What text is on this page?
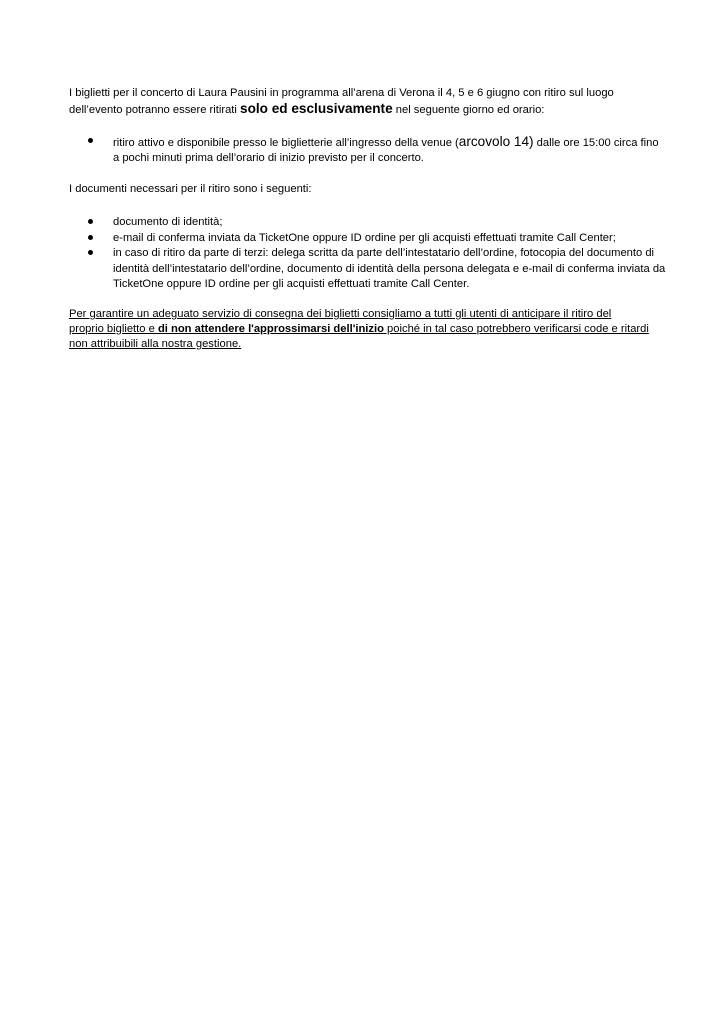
I biglietti per il concerto di Laura Pausini in programma all’arena di Verona il 4, 5 e 6 giugno con ritiro sul luogo dell’evento potranno essere ritirati solo ed esclusivamente nel seguente giorno ed orario:

ritiro attivo e disponibile presso le biglietterie all’ingresso della venue (arcovolo 14) dalle ore 15:00 circa fino a pochi minuti prima dell’orario di inizio previsto per il concerto.

I documenti necessari per il ritiro sono i seguenti:

documento di identità;
e-mail di conferma inviata da TicketOne oppure ID ordine per gli acquisti effettuati tramite Call Center;
in caso di ritiro da parte di terzi: delega scritta da parte dell’intestatario dell’ordine, fotocopia del documento di identità dell’intestatario dell’ordine, documento di identità della persona delegata e e-mail di conferma inviata da TicketOne oppure ID ordine per gli acquisti effettuati tramite Call Center.

Per garantire un adeguato servizio di consegna dei biglietti consigliamo a tutti gli utenti di anticipare il ritiro del proprio biglietto e di non attendere l'approssimarsi dell'inizio poiché in tal caso potrebbero verificarsi code e ritardi non attribuibili alla nostra gestione.
